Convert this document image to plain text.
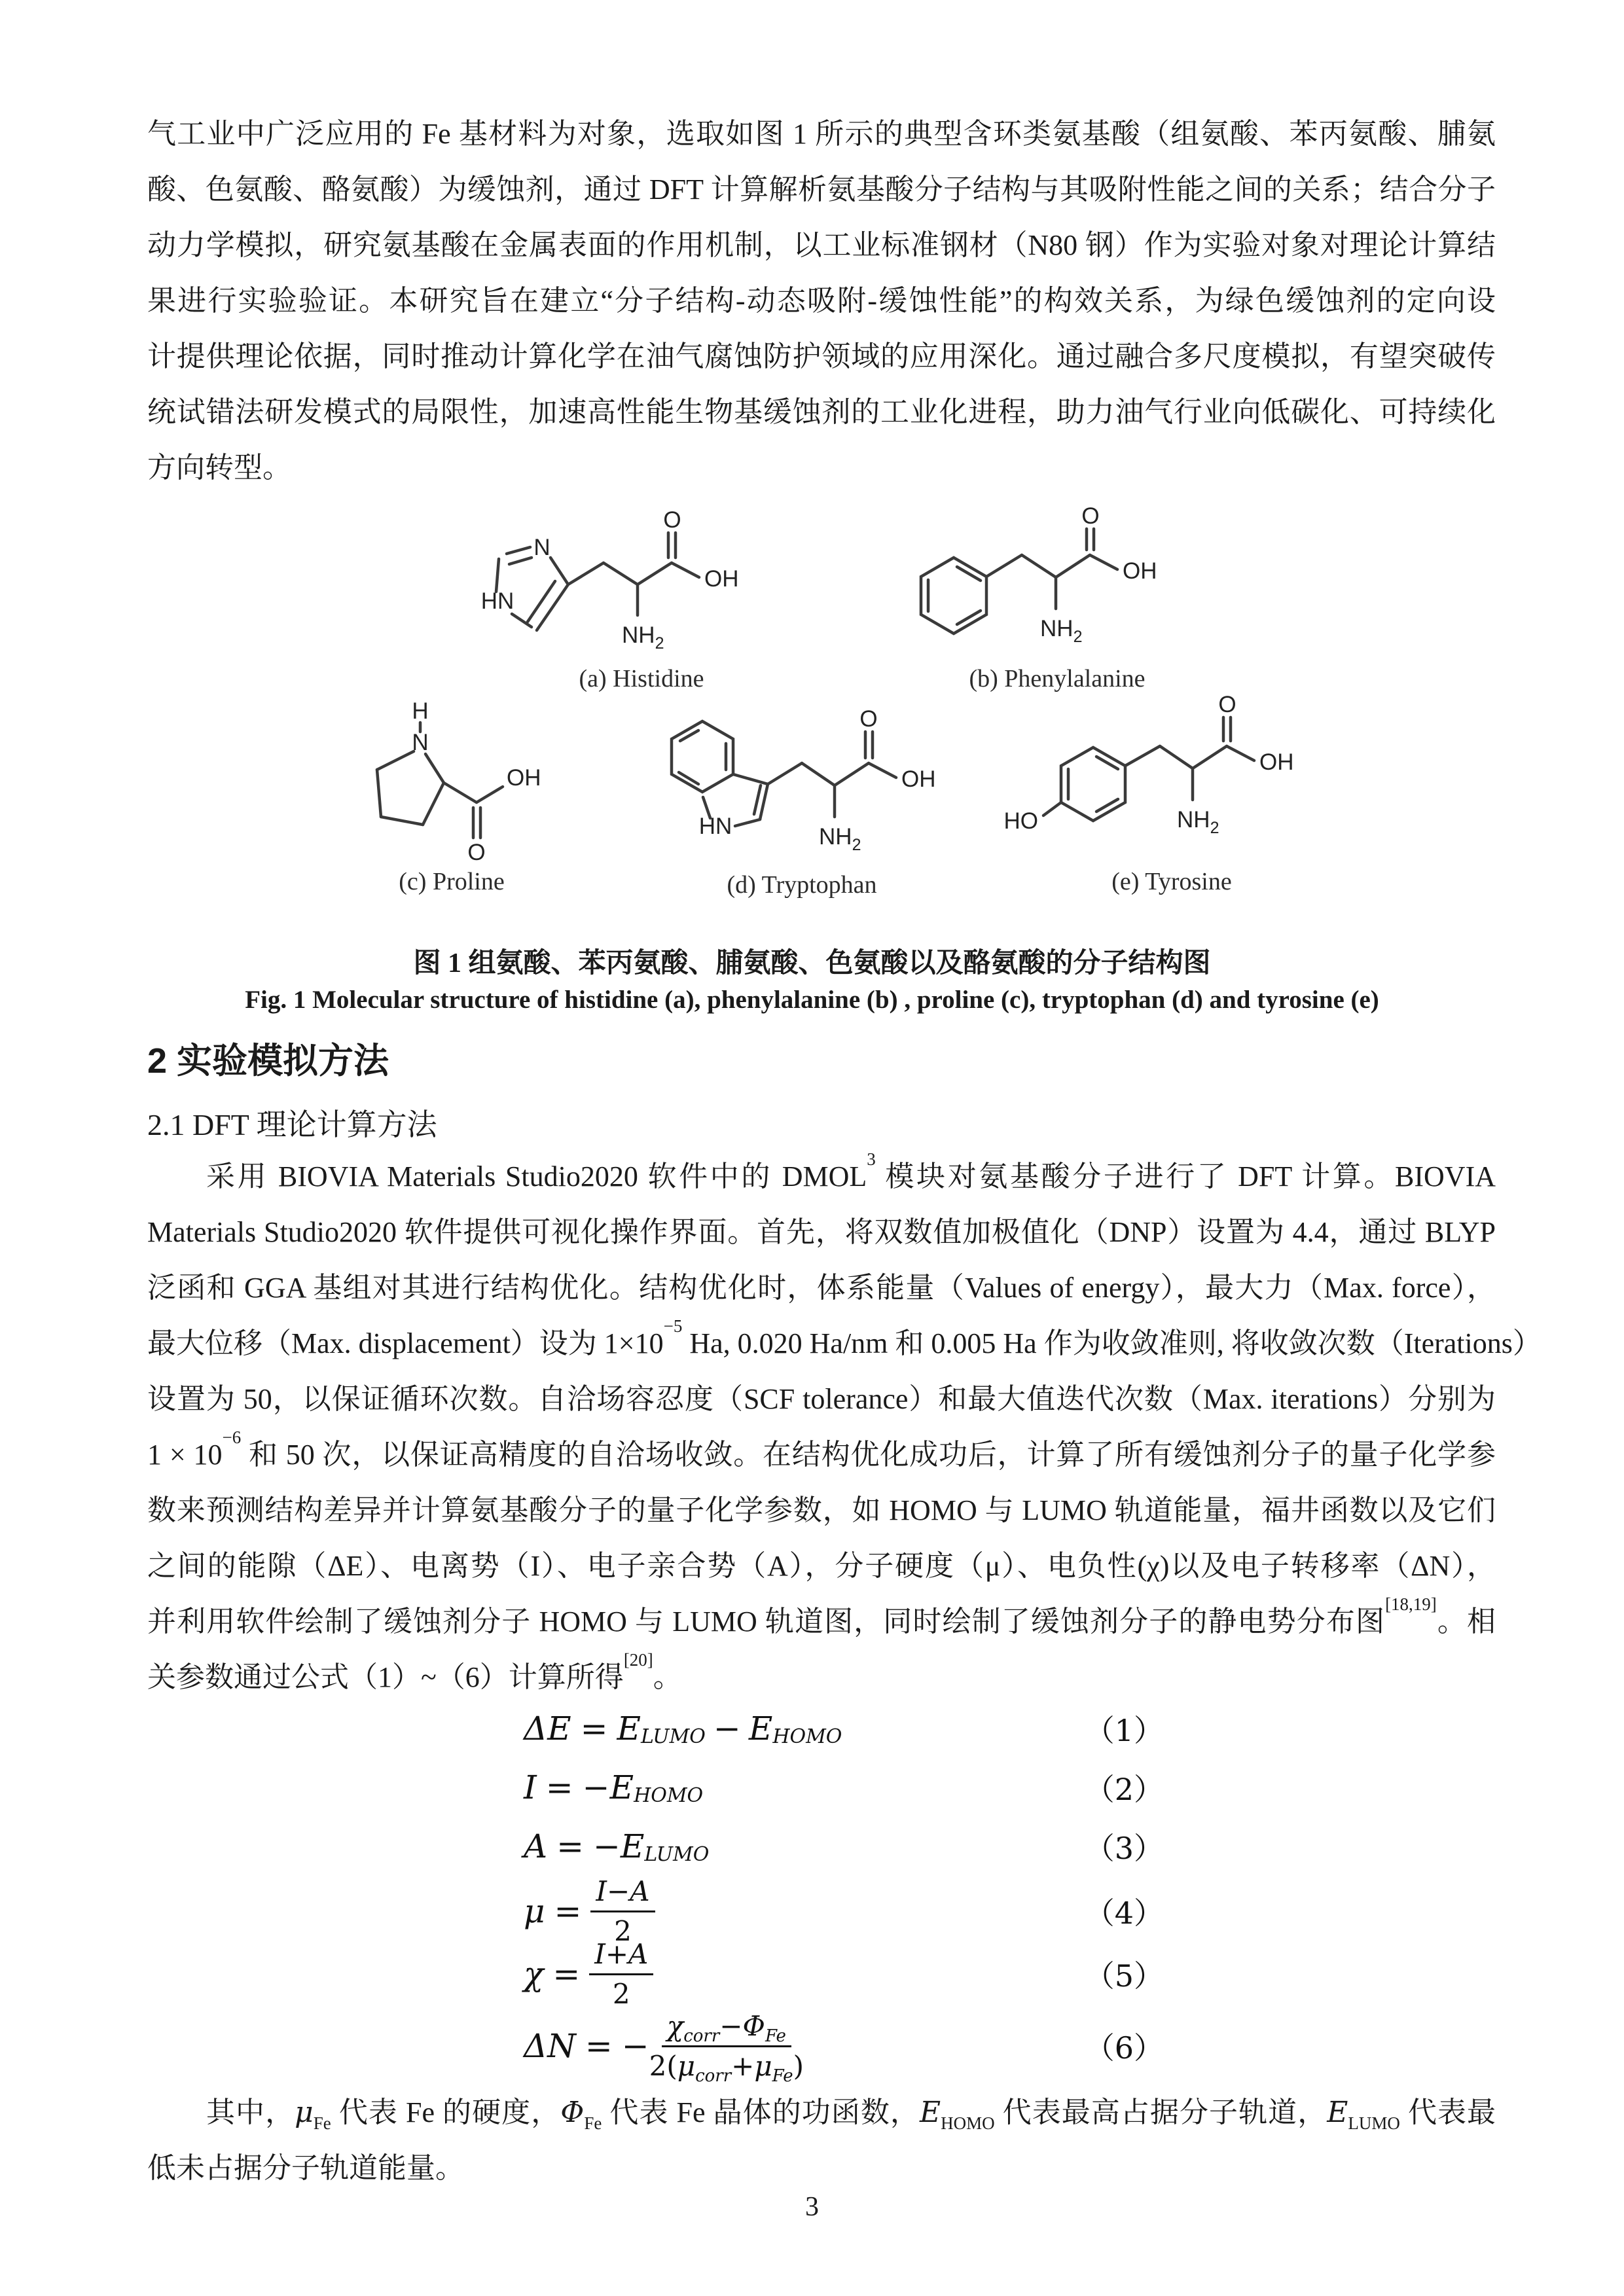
气工业中广泛应用的 Fe 基材料为对象，选取如图 1 所示的典型含环类氨基酸（组氨酸、苯丙氨酸、脯氨
酸、色氨酸、酪氨酸）为缓蚀剂，通过 DFT 计算解析氨基酸分子结构与其吸附性能之间的关系；结合分子
动力学模拟，研究氨基酸在金属表面的作用机制，以工业标准钢材（N80 钢）作为实验对象对理论计算结
果进行实验验证。本研究旨在建立“分子结构-动态吸附-缓蚀性能”的构效关系，为绿色缓蚀剂的定向设
计提供理论依据，同时推动计算化学在油气腐蚀防护领域的应用深化。通过融合多尺度模拟，有望突破传
统试错法研发模式的局限性，加速高性能生物基缓蚀剂的工业化进程，助力油气行业向低碳化、可持续化
方向转型。
N
HN
O
OH
$NH_2$
(a) Histidine
O
OH
$NH_2$
(b) Phenylalanine
H
N
OH
O
(c) Proline
HN
O
OH
$NH_2$
(d) Tryptophan
HO
O
OH
$NH_2$
(e) Tyrosine
图 1 组氨酸、苯丙氨酸、脯氨酸、色氨酸以及酪氨酸的分子结构图
Fig. 1 Molecular structure of histidine (a), phenylalanine (b) , proline (c), tryptophan (d) and tyrosine (e)
2 实验模拟方法
2.1 DFT 理论计算方法
采用 BIOVIA Materials Studio2020 软件中的 DMOL$^3$ 模块对氨基酸分子进行了 DFT 计算。BIOVIA
Materials Studio2020 软件提供可视化操作界面。首先，将双数值加极值化（DNP）设置为 4.4，通过 BLYP
泛函和 GGA 基组对其进行结构优化。结构优化时，体系能量（Values of energy），最大力（Max. force），
最大位移（Max. displacement）设为 1×10$^{-5}$ Ha, 0.020 Ha/nm 和 0.005 Ha 作为收敛准则, 将收敛次数（Iterations）
设置为 50，以保证循环次数。自洽场容忍度（SCF tolerance）和最大值迭代次数（Max. iterations）分别为
1 × 10$^{-6}$ 和 50 次，以保证高精度的自洽场收敛。在结构优化成功后，计算了所有缓蚀剂分子的量子化学参
数来预测结构差异并计算氨基酸分子的量子化学参数，如 HOMO 与 LUMO 轨道能量，福井函数以及它们
之间的能隙（ΔE）、电离势（I）、电子亲合势（A），分子硬度（μ）、电负性(χ)以及电子转移率（ΔN），
并利用软件绘制了缓蚀剂分子 HOMO 与 LUMO 轨道图，同时绘制了缓蚀剂分子的静电势分布图[18,19]。相
关参数通过公式（1）~（6）计算所得[20]。
ΔE = E LUMO − E HOMO	（1）
I = − E HOMO	（2）
A = − E LUMO	（3）
$\mu = \frac{I-A}{2}$	（4）
$\chi = \frac{I+A}{2}$	（5）
ΔN = − $\frac{\chi_{corr}-\Phi_{Fe}}{2(\mu_{corr}+\mu_{Fe})}$	（6）
其中，$\mu_{Fe}$ 代表 Fe 的硬度，$\Phi_{Fe}$ 代表 Fe 晶体的功函数，$E_{HOMO}$ 代表最高占据分子轨道，$E_{LUMO}$ 代表最
低未占据分子轨道能量。
3
